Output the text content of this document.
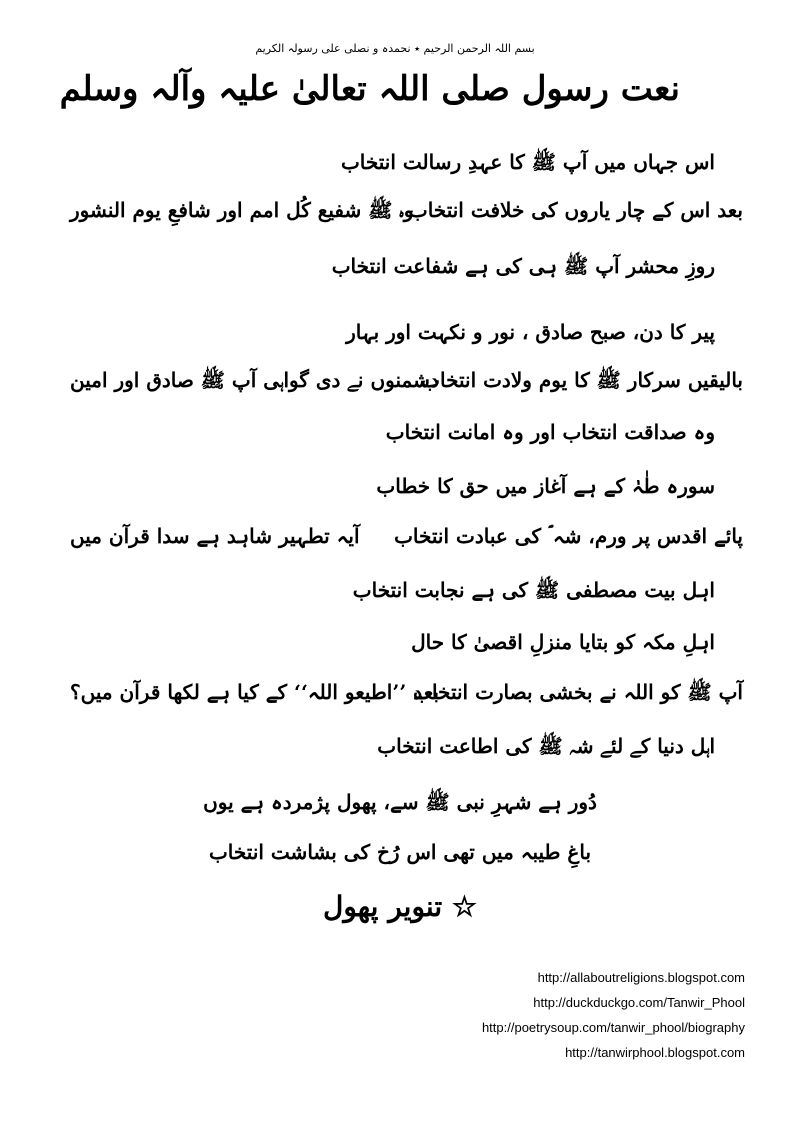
بسم اللہ الرحمن الرحیم ٭ نحمدہ و نصلی علی رسولہ الکریم
نعت رسول صلی اللہ تعالیٰ علیہ وآلہ وسلم
اس جہاں میں آپ ﷺ کا عہدِ رسالت انتخاب
بعد اس کے چار یاروں کی خلافت انتخاب
وہ ﷺ شفیع کُل امم اور شافعِ یوم النشور
روزِ محشر آپ ﷺ ہی کی ہے شفاعت انتخاب
پیر کا دن، صبح صادق ، نور و نکہت اور بہار
بالیقیں سرکار ﷺ کا یوم ولادت انتخاب
دشمنوں نے دی گواہی آپ ﷺ صادق اور امین
وہ صداقت انتخاب اور وہ امانت انتخاب
سورہ طٰہٰ کے ہے آغاز میں حق کا خطاب
پائے اقدس پر ورم، شہ ؐ کی عبادت انتخاب
آیہ تطہیر شاہد ہے سدا قرآن میں
اہل بیت مصطفی ﷺ کی ہے نجابت انتخاب
اہلِ مکہ کو بتایا منزلِ اقصیٰ کا حال
آپ ﷺ کو اللہ نے بخشی بصارت انتخاب
بعد ’’اطیعو اللہ‘‘ کے کیا ہے لکھا قرآن میں؟
اہل دنیا کے لئے شہ ﷺ کی اطاعت انتخاب
دُور ہے شہرِ نبی ﷺ سے، پھول پژمردہ ہے یوں
باغِ طیبہ میں تھی اس رُخ کی بشاشت انتخاب
☆ تنویر پھول
http://allaboutreligions.blogspot.com
http://duckduckgo.com/Tanwir_Phool
http://poetrysoup.com/tanwir_phool/biography
http://tanwirphool.blogspot.com
